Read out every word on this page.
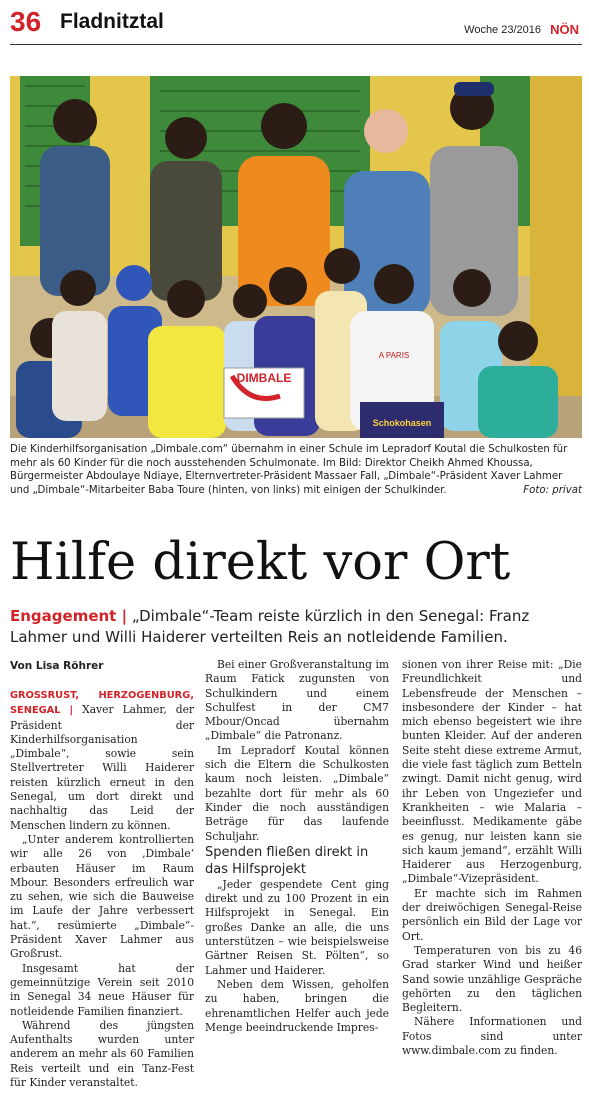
36 Fladnitztal	Woche 23/2016 NÖN
DIMBALE
Schokohasen
A PARIS
Die Kinderhilfsorganisation „Dimbale.com“ übernahm in einer Schule im Lepradorf Koutal die Schulkosten für mehr als 60 Kinder für die noch ausstehenden Schulmonate. Im Bild: Direktor Cheikh Ahmed Khoussa, Bürgermeister Abdoulaye Ndiaye, Elternvertreter-Präsident Massaer Fall, „Dimbale“-Präsident Xaver Lahmer und „Dimbale“-Mitarbeiter Baba Toure (hinten, von links) mit einigen der Schulkinder.	Foto: privat
Hilfe direkt vor Ort
Engagement | „Dimbale“-Team reiste kürzlich in den Senegal: Franz Lahmer und Willi Haiderer verteilten Reis an notleidende Familien.
Von Lisa Röhrer

GROSSRUST, HERZOGENBURG, SENEGAL | Xaver Lahmer, der Präsident der Kinderhilfsorganisation „Dimbale“, sowie sein Stellvertreter Willi Haiderer reisten kürzlich erneut in den Senegal, um dort direkt und nachhaltig das Leid der Menschen lindern zu können.

„Unter anderem kontrollierten wir alle 26 von ‚Dimbale‘ erbauten Häuser im Raum Mbour. Besonders erfreulich war zu sehen, wie sich die Bauweise im Laufe der Jahre verbessert hat.“, resümierte „Dimbale“-Präsident Xaver Lahmer aus Großrust.

Insgesamt hat der gemeinnützige Verein seit 2010 in Senegal 34 neue Häuser für notleidende Familien finanziert.

Während des jüngsten Aufenthalts wurden unter anderem an mehr als 60 Familien Reis verteilt und ein Tanz-Fest für Kinder veranstaltet.

Bei einer Großveranstaltung im Raum Fatick zugunsten von Schulkindern und einem Schulfest in der CM7 Mbour/Oncad übernahm „Dimbale“ die Patronanz.

Im Lepradorf Koutal können sich die Eltern die Schulkosten kaum noch leisten. „Dimbale“ bezahlte dort für mehr als 60 Kinder die noch ausständigen Beträge für das laufende Schuljahr.

Spenden fließen direkt in das Hilfsprojekt

„Jeder gespendete Cent ging direkt und zu 100 Prozent in ein Hilfsprojekt in Senegal. Ein großes Danke an alle, die uns unterstützen – wie beispielsweise Gärtner Reisen St. Pölten“, so Lahmer und Haiderer.

Neben dem Wissen, geholfen zu haben, bringen die ehrenamtlichen Helfer auch jede Menge beeindruckende Impres-

sionen von ihrer Reise mit: „Die Freundlichkeit und Lebensfreude der Menschen – insbesondere der Kinder – hat mich ebenso begeistert wie ihre bunten Kleider. Auf der anderen Seite steht diese extreme Armut, die viele fast täglich zum Betteln zwingt. Damit nicht genug, wird ihr Leben von Ungeziefer und Krankheiten – wie Malaria – beeinflusst. Medikamente gäbe es genug, nur leisten kann sie sich kaum jemand“, erzählt Willi Haiderer aus Herzogenburg, „Dimbale“-Vizepräsident.

Er machte sich im Rahmen der dreiwöchigen Senegal-Reise persönlich ein Bild der Lage vor Ort.

Temperaturen von bis zu 46 Grad starker Wind und heißer Sand sowie unzählige Gespräche gehörten zu den täglichen Begleitern.

Nähere Informationen und Fotos sind unter www.dimbale.com zu finden.
